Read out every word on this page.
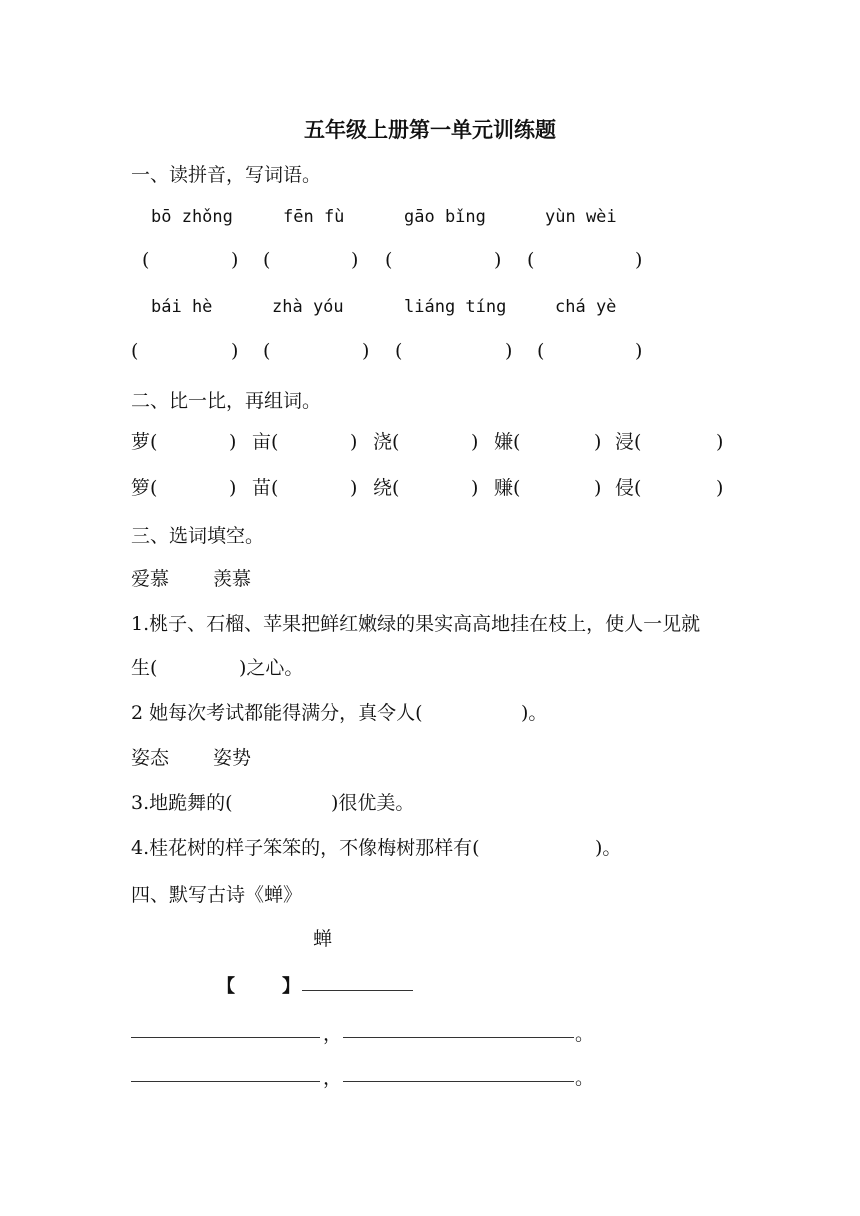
五年级上册第一单元训练题
一、读拼音，写词语。
bō zhǒng	fēn fù	gāo bǐng	yùn wèi
(	) (	) (	) (	)
bái hè	zhà yóu	liáng tíng	chá yè
(	) (	) (	) (	)
二、比一比，再组词。
萝(	) 亩(	) 浇(	) 嫌(	) 浸(	)
箩(	) 苗(	) 绕(	) 赚(	) 侵(	)
三、选词填空。
爱慕 羡慕
1.桃子、石榴、苹果把鲜红嫩绿的果实高高地挂在枝上，使人一见就
生(	)之心。
2 她每次考试都能得满分，真令人(	)。
姿态 姿势
3.地跪舞的(	)很优美。
4.桂花树的样子笨笨的，不像梅树那样有(	)。
四、默写古诗《蝉》
蝉
【	】
，	。
，	。
